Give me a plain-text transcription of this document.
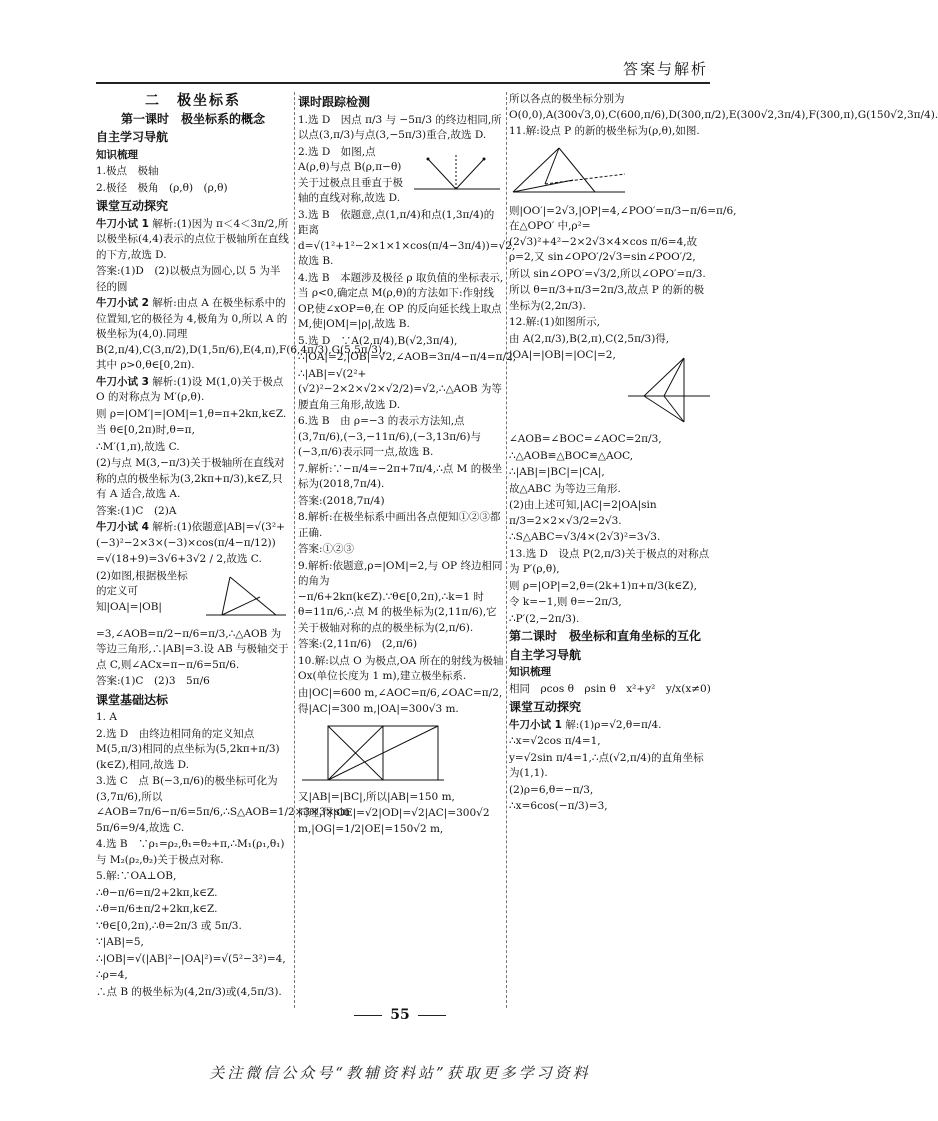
答案与解析
二　极坐标系
第一课时　极坐标系的概念
自主学习导航
知识梳理
1.极点　极轴
2.极径　极角　(ρ,θ)　(ρ,θ)
课堂互动探究
牛刀小试 1 解析:(1)因为 π＜4＜3π/2,所以极坐标(4,4)表示的点位于极轴所在直线的下方,故选 D.
答案:(1)D　(2)以极点为圆心,以 5 为半径的圆
牛刀小试 2 解析:由点 A 在极坐标系中的位置知,它的极径为 4,极角为 0,所以 A 的极坐标为(4,0).同理 B(2,π/4),C(3,π/2),D(1,5π/6),E(4,π),F(6,4π/3),G(5,5π/3),其中 ρ>0,θ∈[0,2π).
牛刀小试 3 解析:(1)设 M(1,0)关于极点 O 的对称点为 M′(ρ,θ).
则 ρ=|OM′|=|OM|=1,θ=π+2kπ,k∈Z.
当 θ∈[0,2π)时,θ=π,
∴M′(1,π),故选 C.
(2)与点 M(3,−π/3)关于极轴所在直线对称的点的极坐标为(3,2kπ+π/3),k∈Z,只有 A 适合,故选 A.
答案:(1)C　(2)A
牛刀小试 4 解析:(1)依题意|AB|=√(3²+(−3)²−2×3×(−3)×cos(π/4−π/12))
=√(18+9)=3√6+3√2 / 2,故选 C.
(2)如图,根据极坐标的定义可知|OA|=|OB|
=3,∠AOB=π/2−π/6=π/3,∴△AOB 为等边三角形,∴|AB|=3.设 AB 与极轴交于点 C,则∠ACx=π−π/6=5π/6.
答案:(1)C　(2)3　5π/6
课堂基础达标
1. A
2.选 D　由终边相同角的定义知点 M(5,π/3)相同的点坐标为(5,2kπ+π/3)(k∈Z),相同,故选 D.
3.选 C　点 B(−3,π/6)的极坐标可化为(3,7π/6),所以∠AOB=7π/6−π/6=5π/6,∴S△AOB=1/2×3×3×sin 5π/6=9/4,故选 C.
4.选 B　∵ρ₁=ρ₂,θ₁=θ₂+π,∴M₁(ρ₁,θ₁)与 M₂(ρ₂,θ₂)关于极点对称.
5.解:∵OA⊥OB,
∴θ−π/6=π/2+2kπ,k∈Z.
∴θ=π/6±π/2+2kπ,k∈Z.
∵θ∈[0,2π),∴θ=2π/3 或 5π/3.
∵|AB|=5,
∴|OB|=√(|AB|²−|OA|²)=√(5²−3²)=4,
∴ρ=4,
∴点 B 的极坐标为(4,2π/3)或(4,5π/3).
课时跟踪检测
1.选 D　因点 π/3 与 −5π/3 的终边相同,所以点(3,π/3)与点(3,−5π/3)重合,故选 D.
2.选 D　如图,点 A(ρ,θ)与点 B(ρ,π−θ)关于过极点且垂直于极轴的直线对称,故选 D.
3.选 B　依题意,点(1,π/4)和点(1,3π/4)的距离 d=√(1²+1²−2×1×1×cos(π/4−3π/4))=√2,故选 B.
4.选 B　本题涉及极径 ρ 取负值的坐标表示,当 ρ<0,确定点 M(ρ,θ)的方法如下:作射线 OP,使∠xOP=θ,在 OP 的反向延长线上取点 M,使|OM|=|ρ|,故选 B.
5.选 D　∵A(2,π/4),B(√2,3π/4),
∴|OA|=2,|OB|=√2,∠AOB=3π/4−π/4=π/2,
∴|AB|=√(2²+(√2)²−2×2×√2×√2/2)=√2,∴△AOB 为等腰直角三角形,故选 D.
6.选 B　由 ρ=−3 的表示方法知,点(3,7π/6),(−3,−11π/6),(−3,13π/6)与(−3,π/6)表示同一点,故选 B.
7.解析:∵−π/4=−2π+7π/4,∴点 M 的极坐标为(2018,7π/4).
答案:(2018,7π/4)
8.解析:在极坐标系中画出各点便知①②③都正确.
答案:①②③
9.解析:依题意,ρ=|OM|=2,与 OP 终边相同的角为 −π/6+2kπ(k∈Z).∵θ∈[0,2π),∴k=1 时 θ=11π/6,∴点 M 的极坐标为(2,11π/6),它关于极轴对称的点的极坐标为(2,π/6).
答案:(2,11π/6)　(2,π/6)
10.解:以点 O 为极点,OA 所在的射线为极轴 Ox(单位长度为 1 m),建立极坐标系.
由|OC|=600 m,∠AOC=π/6,∠OAC=π/2,
得|AC|=300 m,|OA|=300√3 m.
又|AB|=|BC|,所以|AB|=150 m,
同理,得|OE|=√2|OD|=√2|AC|=300√2 m,|OG|=1/2|OE|=150√2 m,
所以各点的极坐标分别为 O(0,0),A(300√3,0),C(600,π/6),D(300,π/2),E(300√2,3π/4),F(300,π),G(150√2,3π/4).
11.解:设点 P 的新的极坐标为(ρ,θ),如图.
则|OO′|=2√3,|OP|=4,∠POO′=π/3−π/6=π/6,在△OPO′ 中,ρ²=(2√3)²+4²−2×2√3×4×cos π/6=4,故 ρ=2,又 sin∠OPO′/2√3=sin∠POO′/2,
所以 sin∠OPO′=√3/2,所以∠OPO′=π/3.
所以 θ=π/3+π/3=2π/3,故点 P 的新的极坐标为(2,2π/3).
12.解:(1)如图所示,
由 A(2,π/3),B(2,π),C(2,5π/3)得,
|OA|=|OB|=|OC|=2,
∠AOB=∠BOC=∠AOC=2π/3,
∴△AOB≌△BOC≌△AOC,
∴|AB|=|BC|=|CA|,
故△ABC 为等边三角形.
(2)由上述可知,|AC|=2|OA|sin π/3=2×2×√3/2=2√3.
∴S△ABC=√3/4×(2√3)²=3√3.
13.选 D　设点 P(2,π/3)关于极点的对称点为 P′(ρ,θ),
则 ρ=|OP|=2,θ=(2k+1)π+π/3(k∈Z),
令 k=−1,则 θ=−2π/3,
∴P′(2,−2π/3).
第二课时　极坐标和直角坐标的互化
自主学习导航
知识梳理
相同　ρcos θ　ρsin θ　x²+y²　y/x(x≠0)
课堂互动探究
牛刀小试 1 解:(1)ρ=√2,θ=π/4.
∴x=√2cos π/4=1,
y=√2sin π/4=1,∴点(√2,π/4)的直角坐标为(1,1).
(2)ρ=6,θ=−π/3,
∴x=6cos(−π/3)=3,
55
关注微信公众号“教辅资料站”获取更多学习资料
